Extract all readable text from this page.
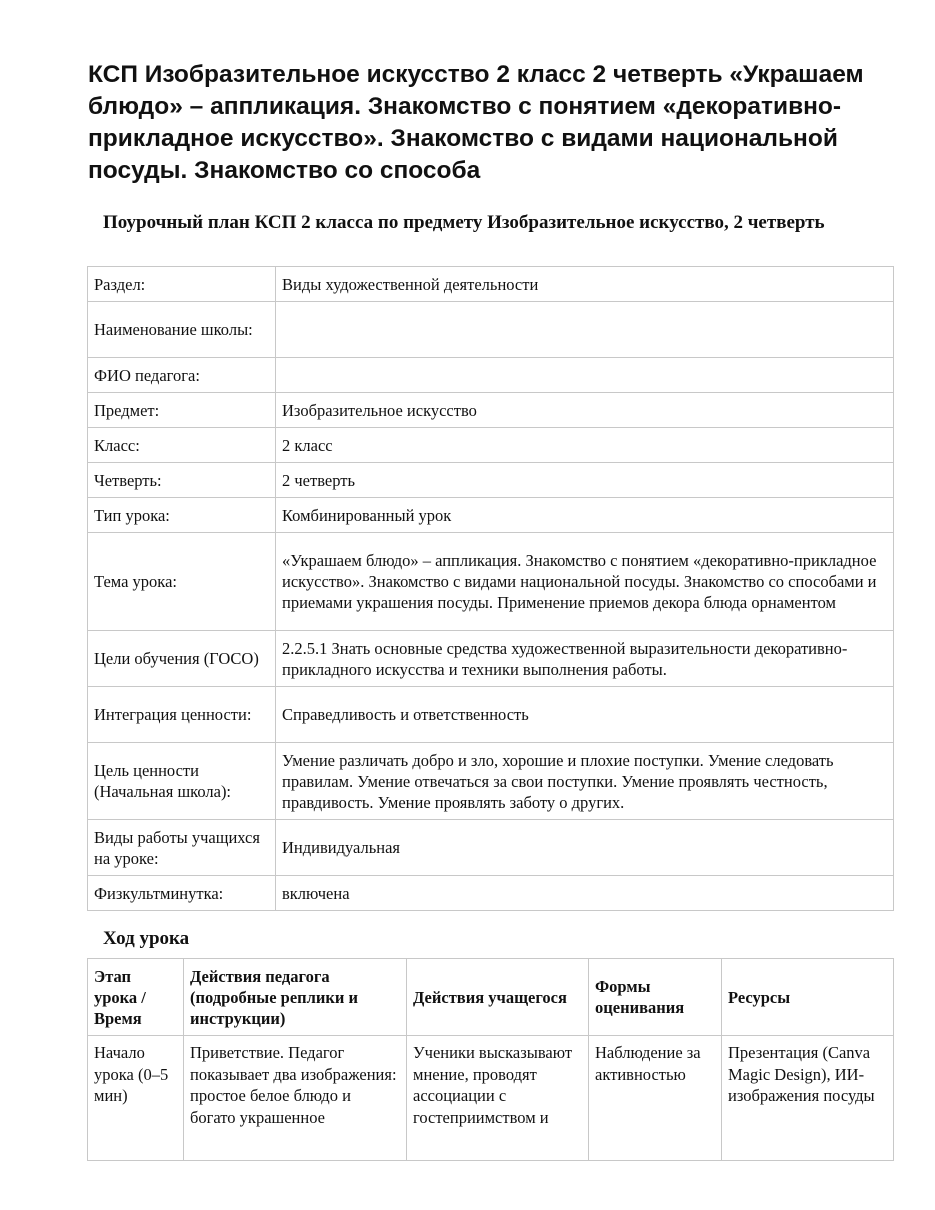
КСП Изобразительное искусство 2 класс 2 четверть «Украшаем блюдо» – аппликация. Знакомство с понятием «декоративно-прикладное искусство». Знакомство с видами национальной посуды. Знакомство со способа
Поурочный план КСП 2 класса по предмету Изобразительное искусство, 2 четверть
Раздел:	Виды художественной деятельности
Наименование школы:	
ФИО педагога:	
Предмет:	Изобразительное искусство
Класс:	2 класс
Четверть:	2 четверть
Тип урока:	Комбинированный урок
Тема урока:	«Украшаем блюдо» – аппликация. Знакомство с понятием «декоративно-прикладное искусство». Знакомство с видами национальной посуды. Знакомство со способами и приемами украшения посуды. Применение приемов декора блюда орнаментом
Цели обучения (ГОСО)	2.2.5.1 Знать основные средства художественной выразительности декоративно-прикладного искусства и техники выполнения работы.
Интеграция ценности:	Справедливость и ответственность
Цель ценности (Начальная школа):	Умение различать добро и зло, хорошие и плохие поступки. Умение следовать правилам. Умение отвечаться за свои поступки. Умение проявлять честность, правдивость. Умение проявлять заботу о других.
Виды работы учащихся на уроке:	Индивидуальная
Физкультминутка:	включена
Ход урока
Этап урока / Время	Действия педагога (подробные реплики и инструкции)	Действия учащегося	Формы оценивания	Ресурсы
Начало урока (0–5 мин)	Приветствие. Педагог показывает два изображения: простое белое блюдо и богато украшенное	Ученики высказывают мнение, проводят ассоциации с гостеприимством и	Наблюдение за активностью	Презентация (Canva Magic Design), ИИ-изображения посуды
